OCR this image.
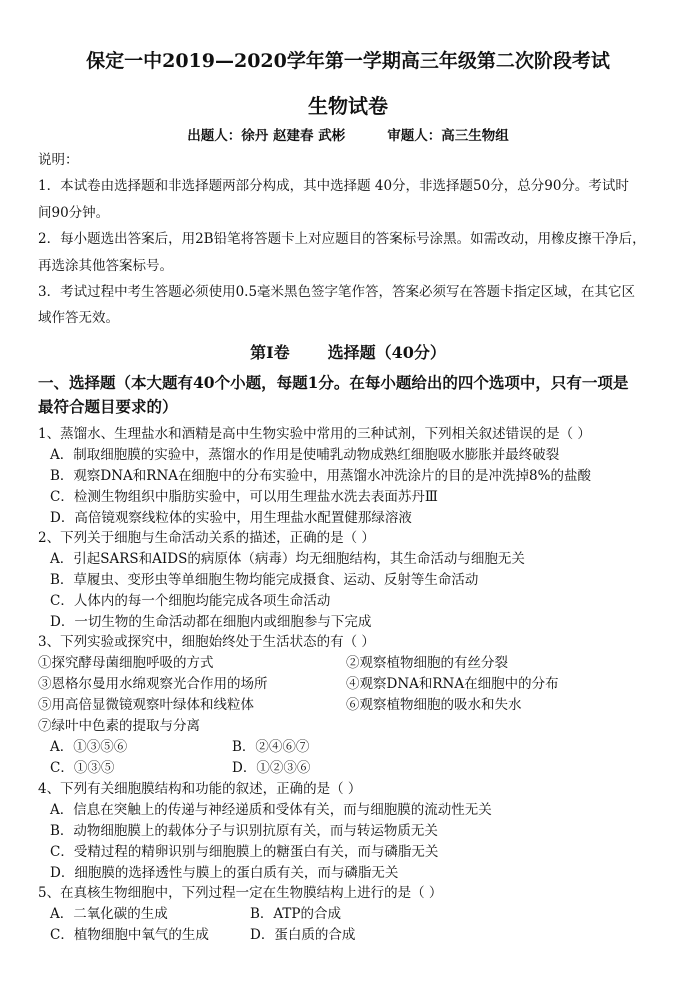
保定一中2019—2020学年第一学期高三年级第二次阶段考试
生物试卷
出题人：徐丹 赵建春 武彬	审题人：高三生物组
说明：
1．本试卷由选择题和非选择题两部分构成，其中选择题 40分，非选择题50分，总分90分。考试时
间90分钟。
2．每小题选出答案后，用2B铅笔将答题卡上对应题目的答案标号涂黑。如需改动，用橡皮擦干净后，
再选涂其他答案标号。
3．考试过程中考生答题必须使用0.5毫米黑色签字笔作答，答案必须写在答题卡指定区域，在其它区
域作答无效。
第Ⅰ卷 选择题（40分）
一、选择题（本大题有40个小题，每题1分。在每小题给出的四个选项中，只有一项是
最符合题目要求的）
1、蒸馏水、生理盐水和酒精是高中生物实验中常用的三种试剂，下列相关叙述错误的是（ ）
A．制取细胞膜的实验中，蒸馏水的作用是使哺乳动物成熟红细胞吸水膨胀并最终破裂
B．观察DNA和RNA在细胞中的分布实验中，用蒸馏水冲洗涂片的目的是冲洗掉8%的盐酸
C．检测生物组织中脂肪实验中，可以用生理盐水洗去表面苏丹Ⅲ
D．高倍镜观察线粒体的实验中，用生理盐水配置健那绿溶液
2、下列关于细胞与生命活动关系的描述，正确的是（ ）
A．引起SARS和AIDS的病原体（病毒）均无细胞结构，其生命活动与细胞无关
B．草履虫、变形虫等单细胞生物均能完成摄食、运动、反射等生命活动
C．人体内的每一个细胞均能完成各项生命活动
D．一切生物的生命活动都在细胞内或细胞参与下完成
3、下列实验或探究中，细胞始终处于生活状态的有（ ）
①探究酵母菌细胞呼吸的方式	②观察植物细胞的有丝分裂
③恩格尔曼用水绵观察光合作用的场所	④观察DNA和RNA在细胞中的分布
⑤用高倍显微镜观察叶绿体和线粒体	⑥观察植物细胞的吸水和失水
⑦绿叶中色素的提取与分离
A．①③⑤⑥	B．②④⑥⑦
C．①③⑤	D．①②③⑥
4、下列有关细胞膜结构和功能的叙述，正确的是（ ）
A．信息在突触上的传递与神经递质和受体有关，而与细胞膜的流动性无关
B．动物细胞膜上的载体分子与识别抗原有关，而与转运物质无关
C．受精过程的精卵识别与细胞膜上的糖蛋白有关，而与磷脂无关
D．细胞膜的选择透性与膜上的蛋白质有关，而与磷脂无关
5、在真核生物细胞中，下列过程一定在生物膜结构上进行的是（ ）
A．二氧化碳的生成	B．ATP的合成
C．植物细胞中氧气的生成	D．蛋白质的合成
